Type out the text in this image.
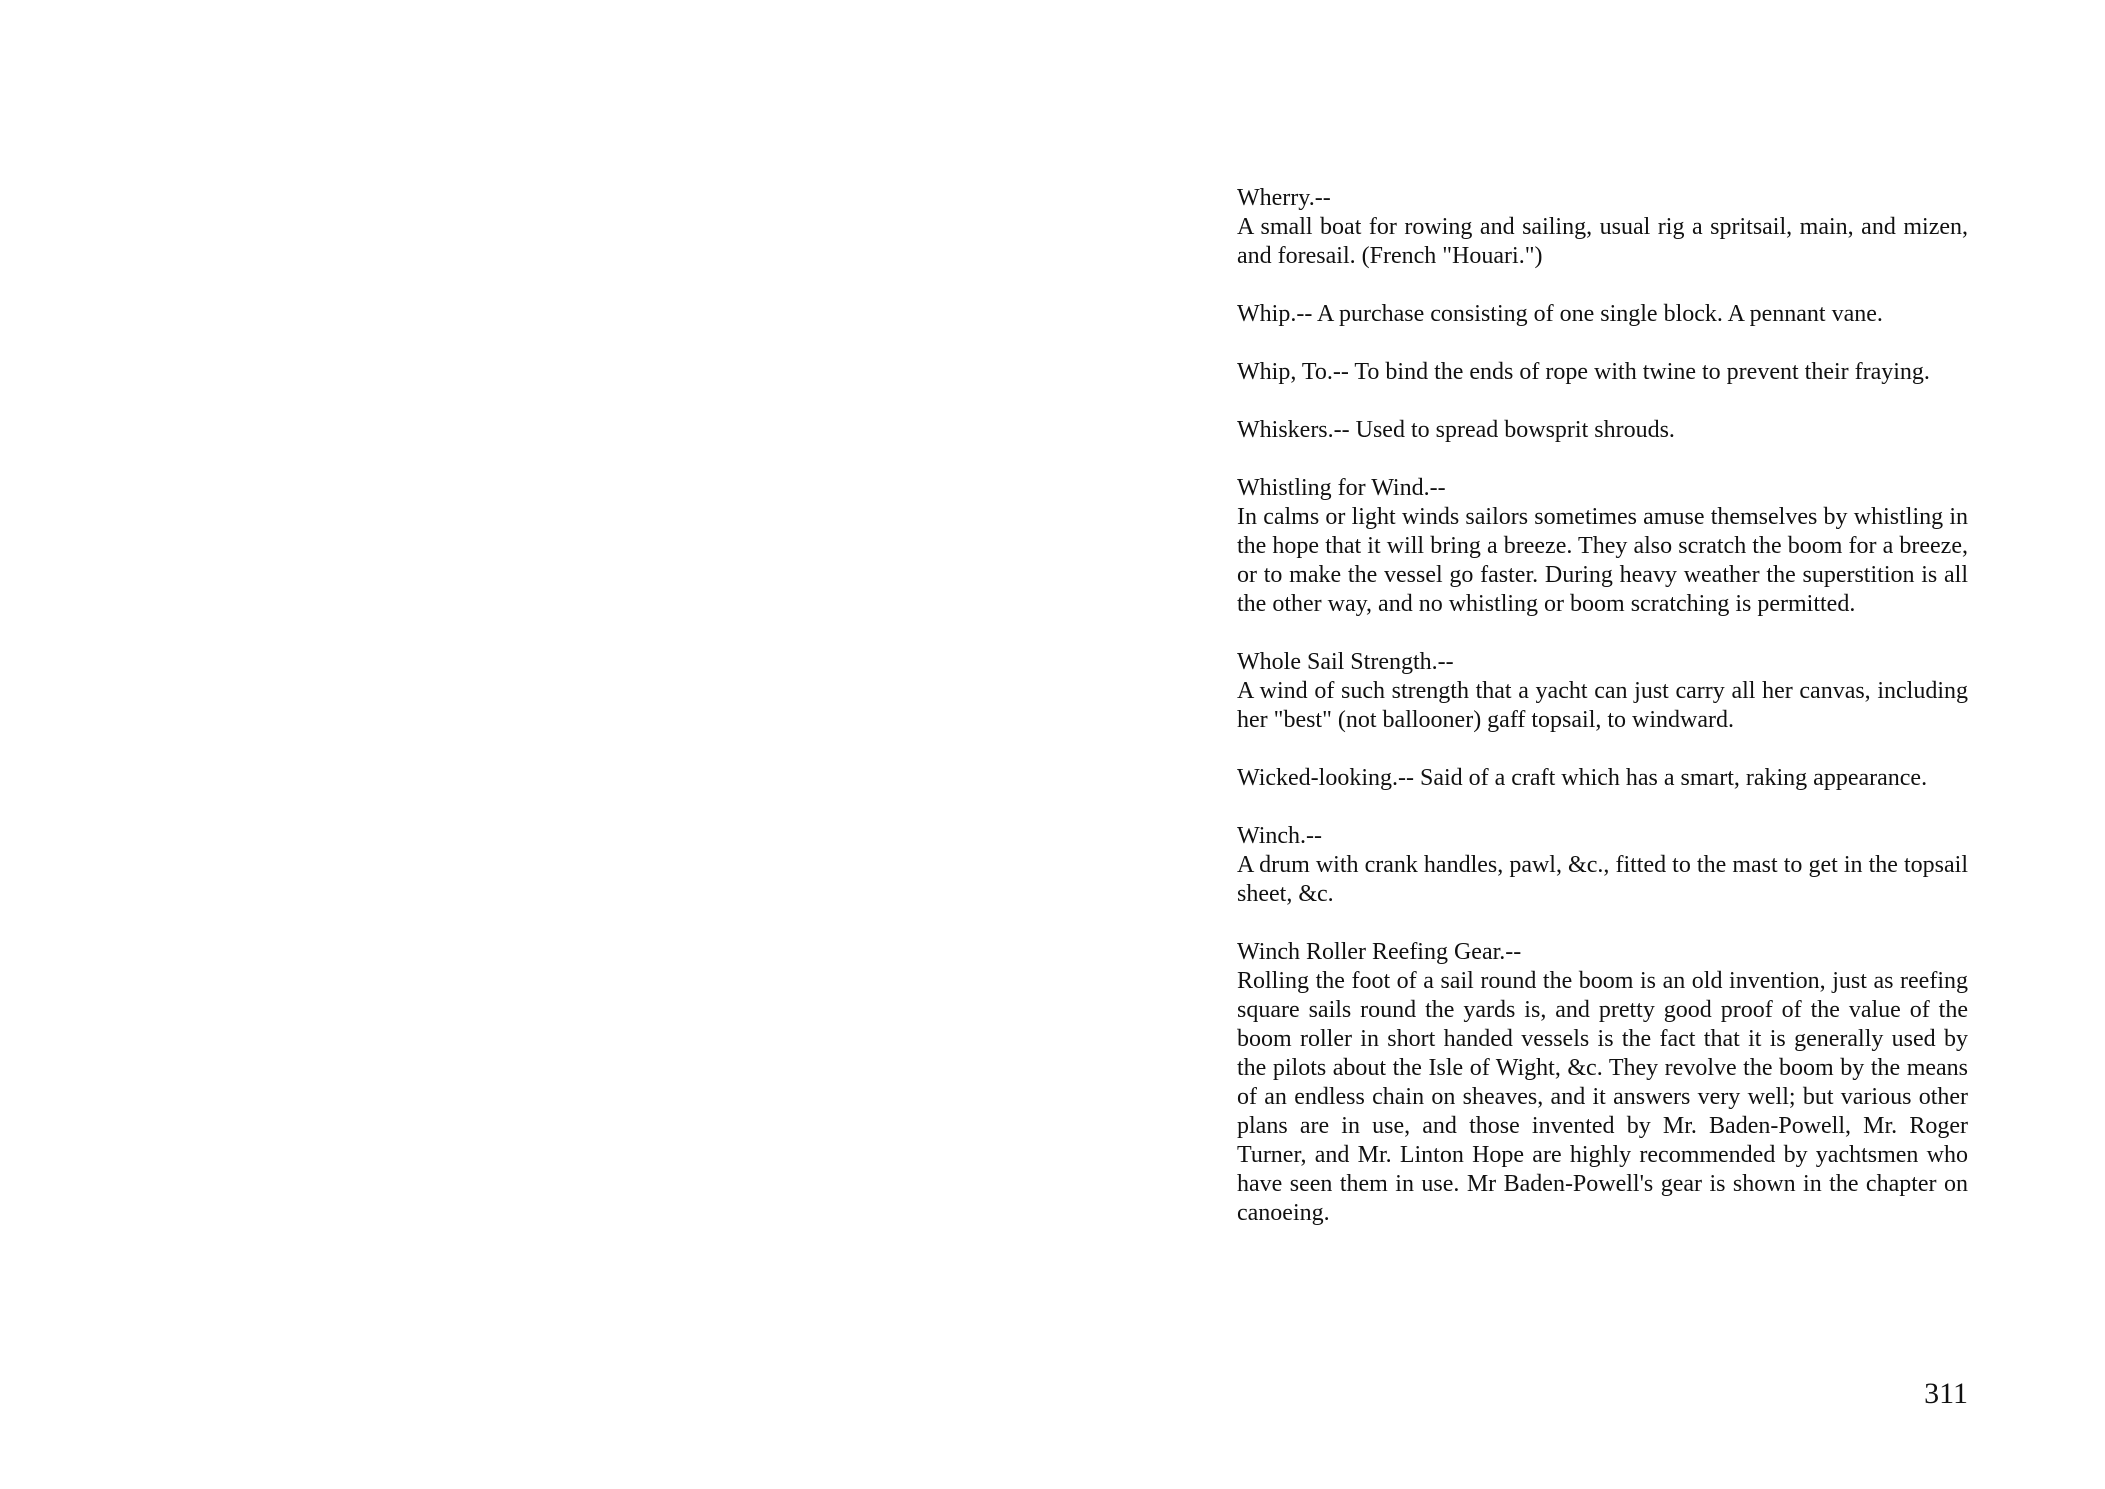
Wherry.--
A small boat for rowing and sailing, usual rig a spritsail, main, and mizen, and foresail. (French "Houari.")
Whip.-- A purchase consisting of one single block. A pennant vane.
Whip, To.-- To bind the ends of rope with twine to prevent their fraying.
Whiskers.-- Used to spread bowsprit shrouds.
Whistling for Wind.--
In calms or light winds sailors sometimes amuse themselves by whistling in the hope that it will bring a breeze. They also scratch the boom for a breeze, or to make the vessel go faster. During heavy weather the superstition is all the other way, and no whistling or boom scratching is permitted.
Whole Sail Strength.--
A wind of such strength that a yacht can just carry all her canvas, including her "best" (not ballooner) gaff topsail, to windward.
Wicked-looking.-- Said of a craft which has a smart, raking appearance.
Winch.--
A drum with crank handles, pawl, &c., fitted to the mast to get in the topsail sheet, &c.
Winch Roller Reefing Gear.--
Rolling the foot of a sail round the boom is an old invention, just as reefing square sails round the yards is, and pretty good proof of the value of the boom roller in short handed vessels is the fact that it is generally used by the pilots about the Isle of Wight, &c. They revolve the boom by the means of an endless chain on sheaves, and it answers very well; but various other plans are in use, and those invented by Mr. Baden-Powell, Mr. Roger Turner, and Mr. Linton Hope are highly recommended by yachtsmen who have seen them in use. Mr Baden-Powell's gear is shown in the chapter on canoeing.
311
